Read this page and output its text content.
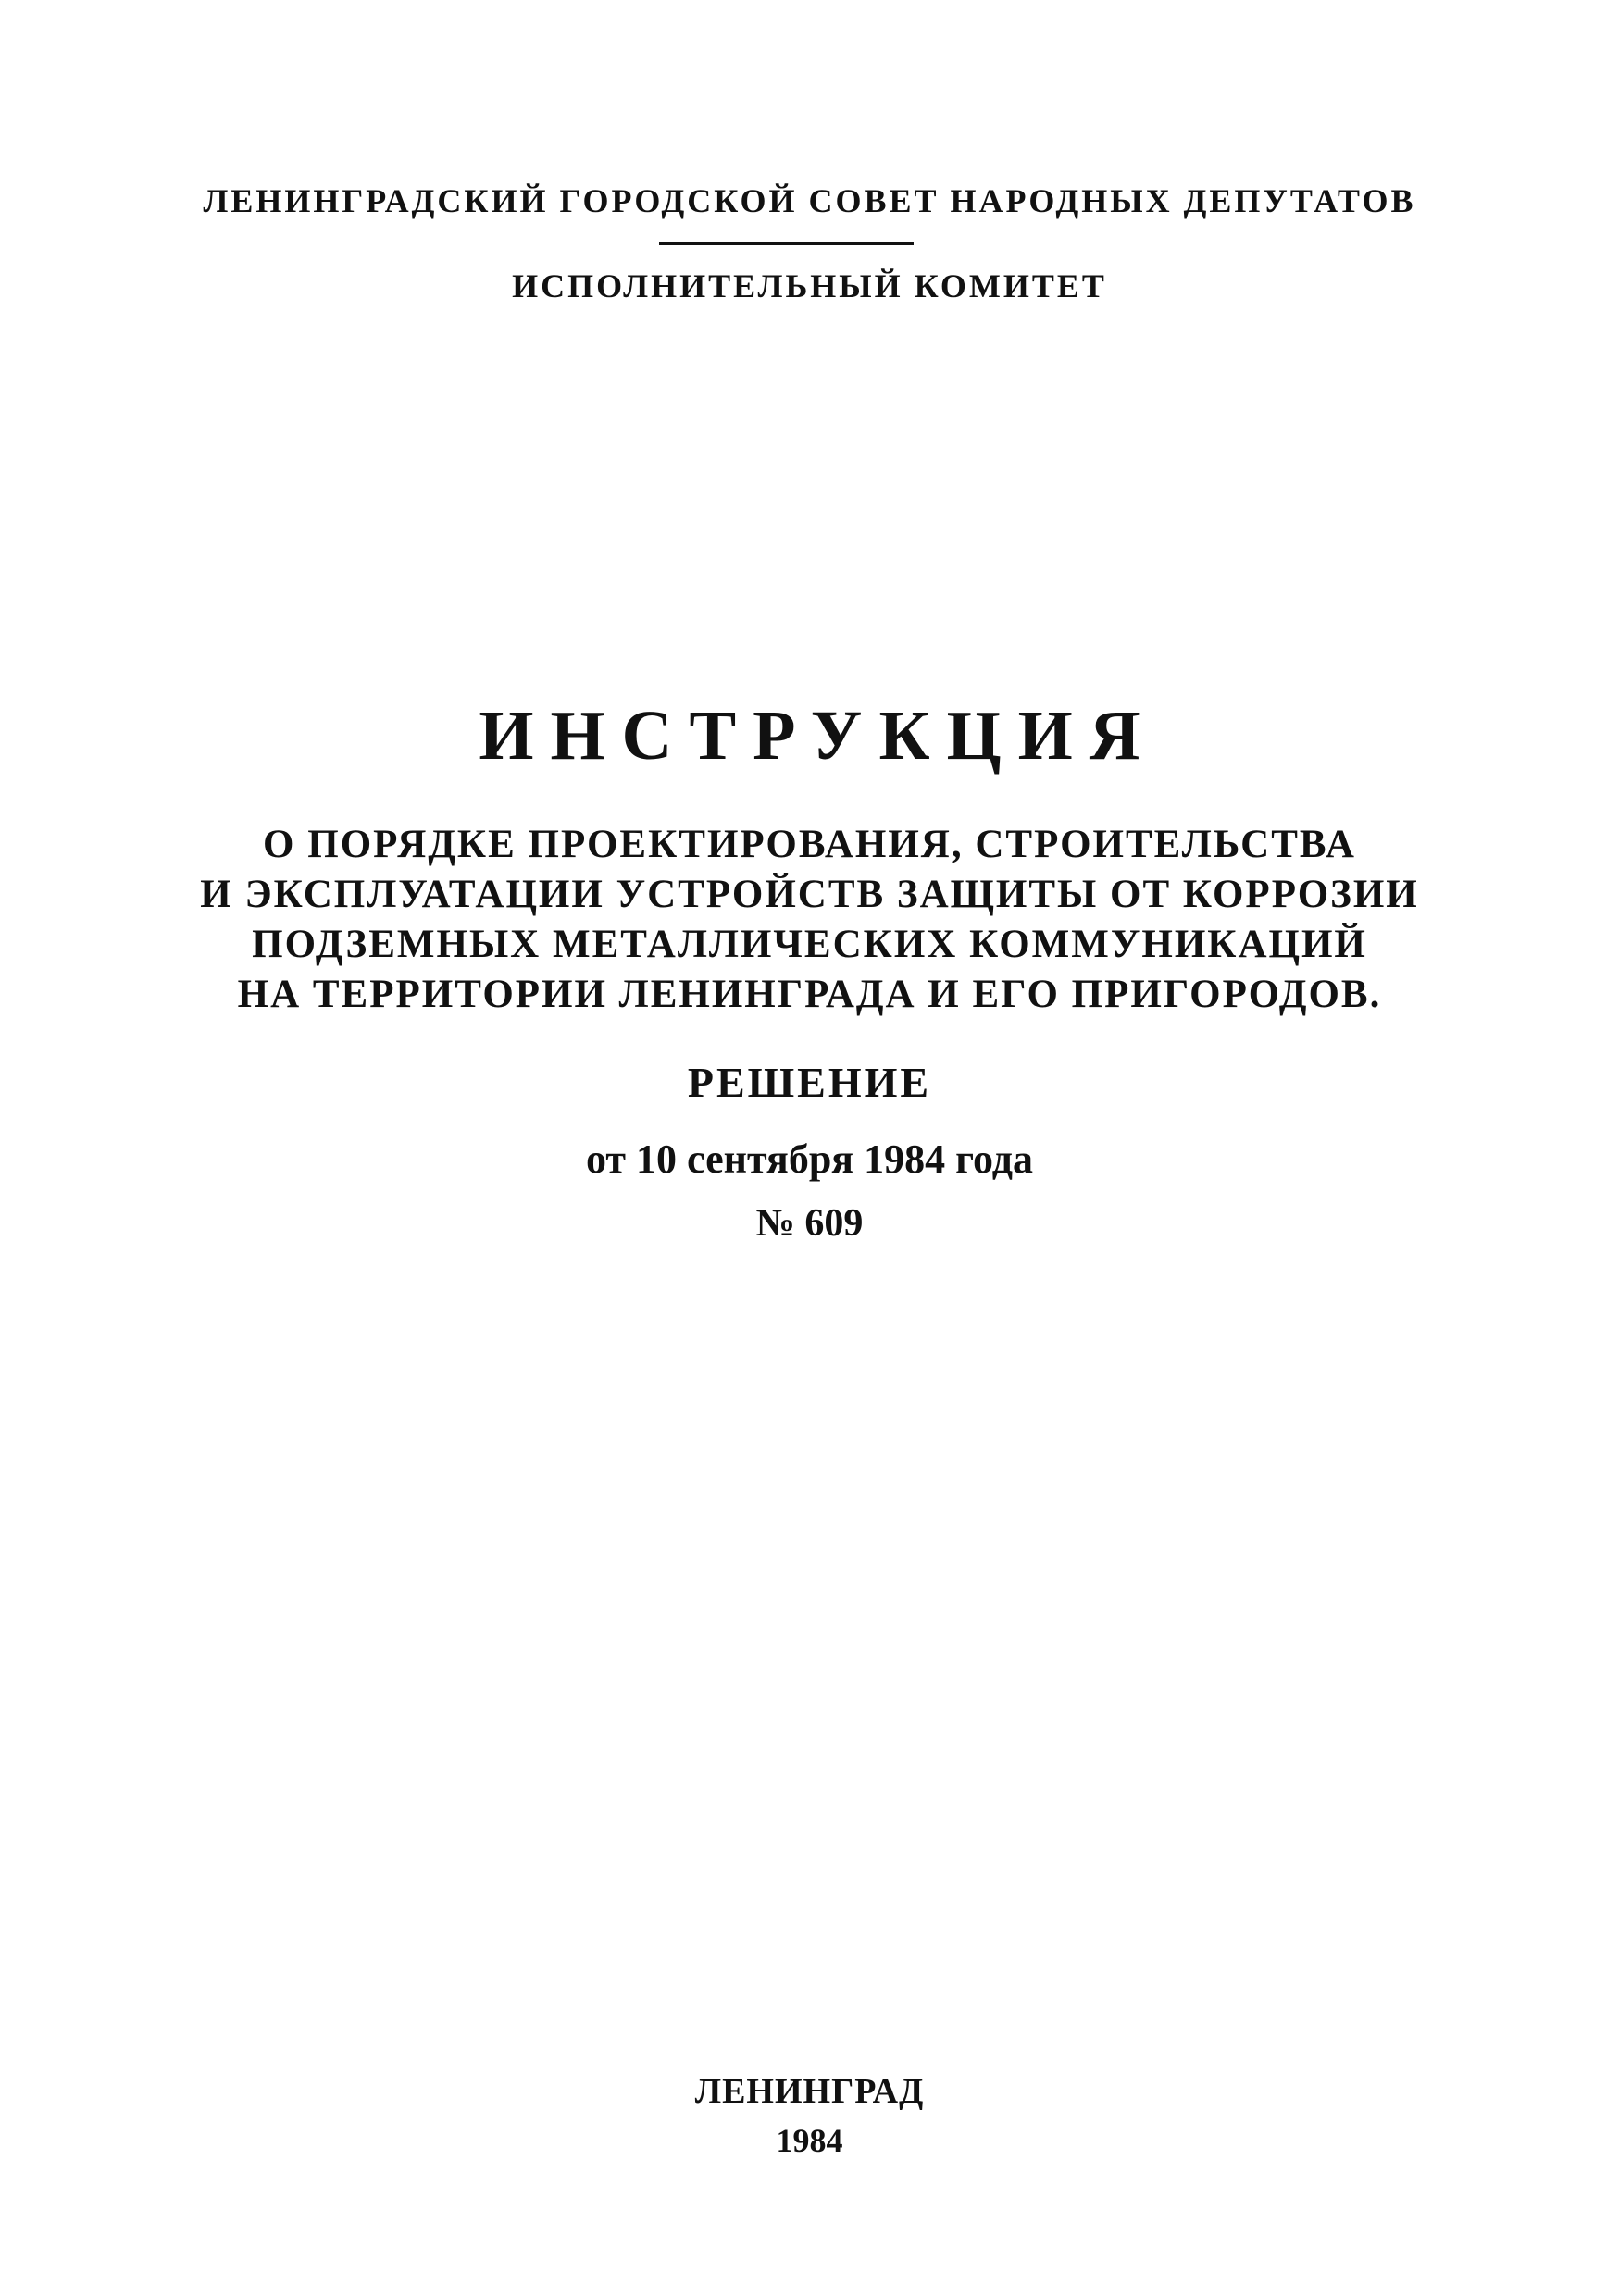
ЛЕНИНГРАДСКИЙ ГОРОДСКОЙ СОВЕТ НАРОДНЫХ ДЕПУТАТОВ
ИСПОЛНИТЕЛЬНЫЙ КОМИТЕТ
ИНСТРУКЦИЯ
О ПОРЯДКЕ ПРОЕКТИРОВАНИЯ, СТРОИТЕЛЬСТВА
И ЭКСПЛУАТАЦИИ УСТРОЙСТВ ЗАЩИТЫ ОТ КОРРОЗИИ
ПОДЗЕМНЫХ МЕТАЛЛИЧЕСКИХ КОММУНИКАЦИЙ
НА ТЕРРИТОРИИ ЛЕНИНГРАДА И ЕГО ПРИГОРОДОВ.
РЕШЕНИЕ
от 10 сентября 1984 года
№ 609
ЛЕНИНГРАД
1984
